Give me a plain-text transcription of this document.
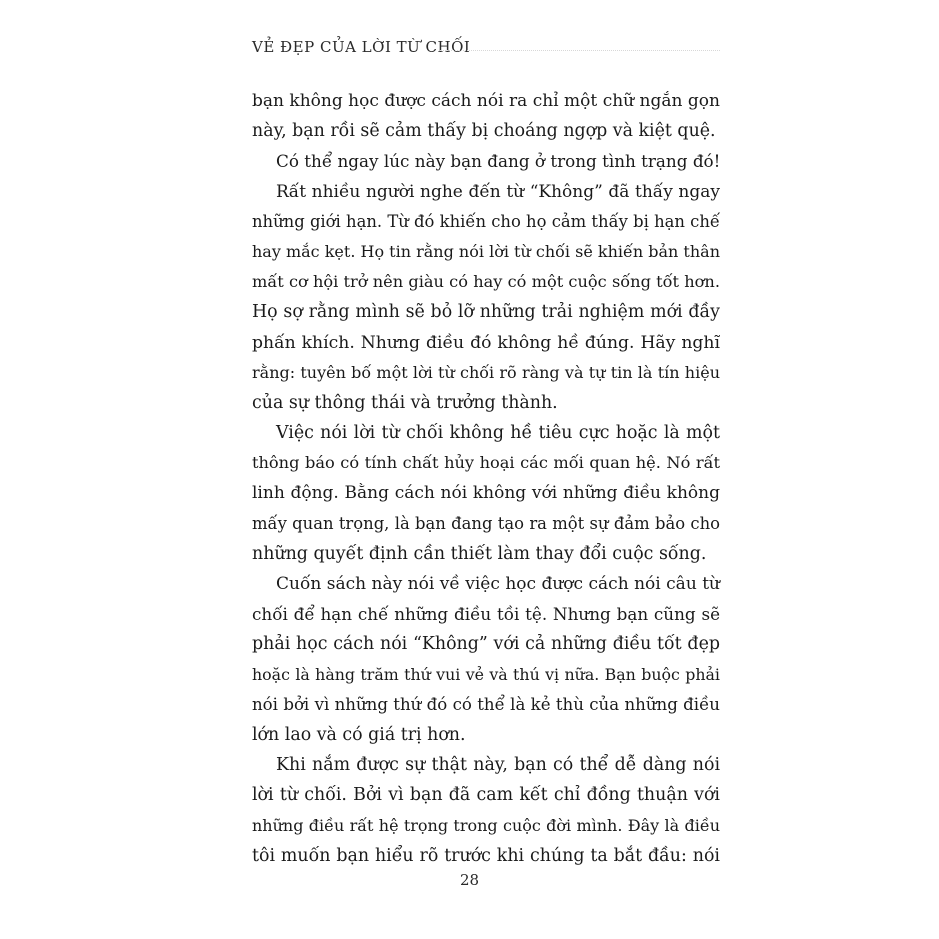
VẺ ĐẸP CỦA LỜI TỪ CHỐI
bạn không học được cách nói ra chỉ một chữ ngắn gọn
này, bạn rồi sẽ cảm thấy bị choáng ngợp và kiệt quệ.
Có thể ngay lúc này bạn đang ở trong tình trạng đó!
Rất nhiều người nghe đến từ “Không” đã thấy ngay
những giới hạn. Từ đó khiến cho họ cảm thấy bị hạn chế
hay mắc kẹt. Họ tin rằng nói lời từ chối sẽ khiến bản thân
mất cơ hội trở nên giàu có hay có một cuộc sống tốt hơn.
Họ sợ rằng mình sẽ bỏ lỡ những trải nghiệm mới đầy
phấn khích. Nhưng điều đó không hề đúng. Hãy nghĩ
rằng: tuyên bố một lời từ chối rõ ràng và tự tin là tín hiệu
của sự thông thái và trưởng thành.
Việc nói lời từ chối không hề tiêu cực hoặc là một
thông báo có tính chất hủy hoại các mối quan hệ. Nó rất
linh động. Bằng cách nói không với những điều không
mấy quan trọng, là bạn đang tạo ra một sự đảm bảo cho
những quyết định cần thiết làm thay đổi cuộc sống.
Cuốn sách này nói về việc học được cách nói câu từ
chối để hạn chế những điều tồi tệ. Nhưng bạn cũng sẽ
phải học cách nói “Không” với cả những điều tốt đẹp
hoặc là hàng trăm thứ vui vẻ và thú vị nữa. Bạn buộc phải
nói bởi vì những thứ đó có thể là kẻ thù của những điều
lớn lao và có giá trị hơn.
Khi nắm được sự thật này, bạn có thể dễ dàng nói
lời từ chối. Bởi vì bạn đã cam kết chỉ đồng thuận với
những điều rất hệ trọng trong cuộc đời mình. Đây là điều
tôi muốn bạn hiểu rõ trước khi chúng ta bắt đầu: nói
28
